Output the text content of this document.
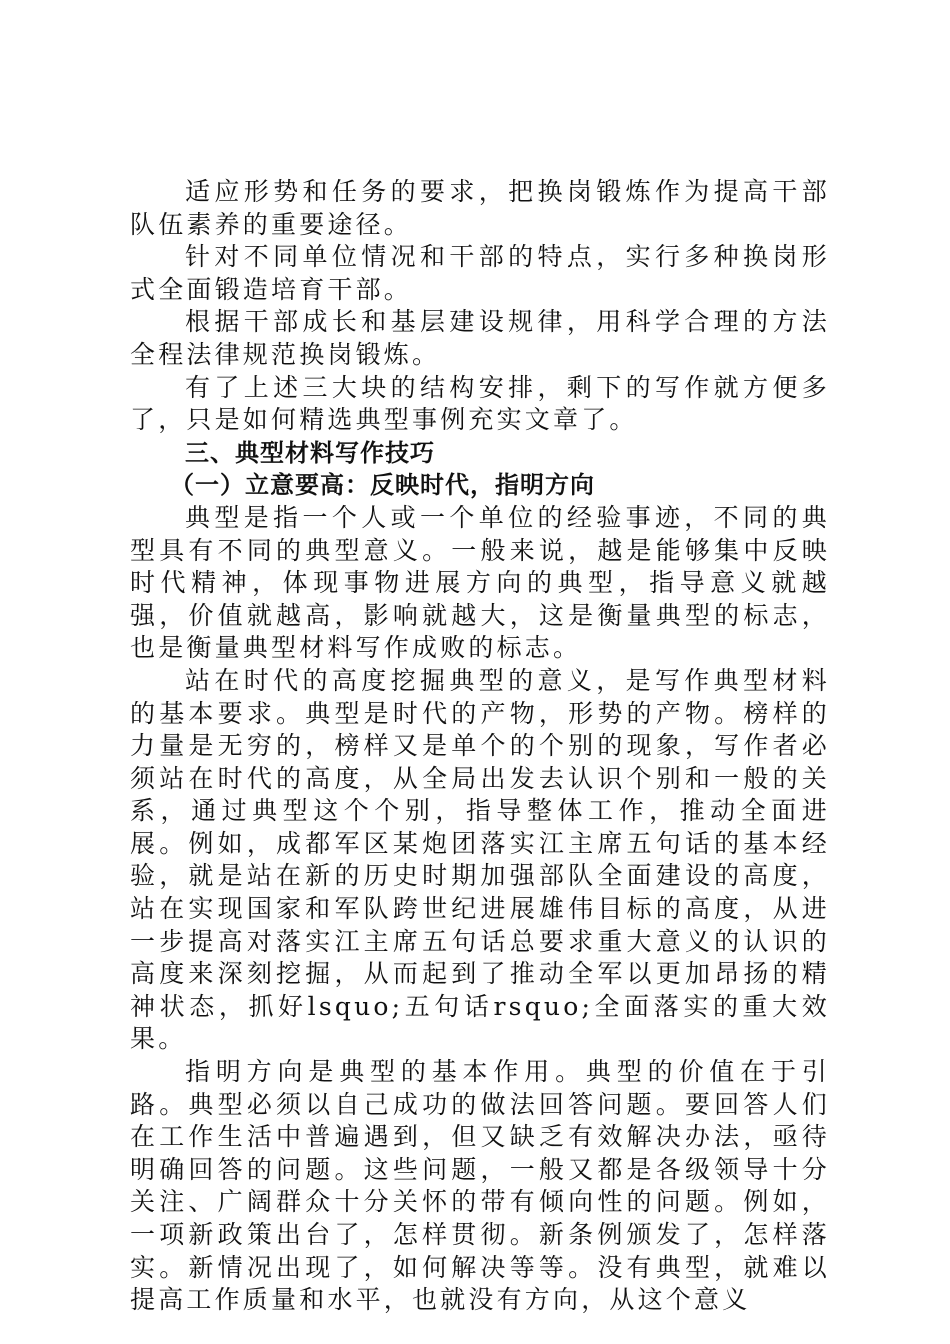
适应形势和任务的要求，把换岗锻炼作为提高干部队伍素养的重要途径。

针对不同单位情况和干部的特点，实行多种换岗形式全面锻造培育干部。

根据干部成长和基层建设规律，用科学合理的方法全程法律规范换岗锻炼。

有了上述三大块的结构安排，剩下的写作就方便多了，只是如何精选典型事例充实文章了。

三、典型材料写作技巧

（一）立意要高：反映时代，指明方向

典型是指一个人或一个单位的经验事迹，不同的典型具有不同的典型意义。一般来说，越是能够集中反映时代精神，体现事物进展方向的典型，指导意义就越强，价值就越高，影响就越大，这是衡量典型的标志，也是衡量典型材料写作成败的标志。

站在时代的高度挖掘典型的意义，是写作典型材料的基本要求。典型是时代的产物，形势的产物。榜样的力量是无穷的，榜样又是单个的个别的现象，写作者必须站在时代的高度，从全局出发去认识个别和一般的关系，通过典型这个个别，指导整体工作，推动全面进展。例如，成都军区某炮团落实江主席五句话的基本经验，就是站在新的历史时期加强部队全面建设的高度，站在实现国家和军队跨世纪进展雄伟目标的高度，从进一步提高对落实江主席五句话总要求重大意义的认识的高度来深刻挖掘，从而起到了推动全军以更加昂扬的精神状态，抓好lsquo;五句话rsquo;全面落实的重大效果。

指明方向是典型的基本作用。典型的价值在于引路。典型必须以自己成功的做法回答问题。要回答人们在工作生活中普遍遇到，但又缺乏有效解决办法，亟待明确回答的问题。这些问题，一般又都是各级领导十分关注、广阔群众十分关怀的带有倾向性的问题。例如，一项新政策出台了，怎样贯彻。新条例颁发了，怎样落实。新情况出现了，如何解决等等。没有典型，就难以提高工作质量和水平，也就没有方向，从这个意义
